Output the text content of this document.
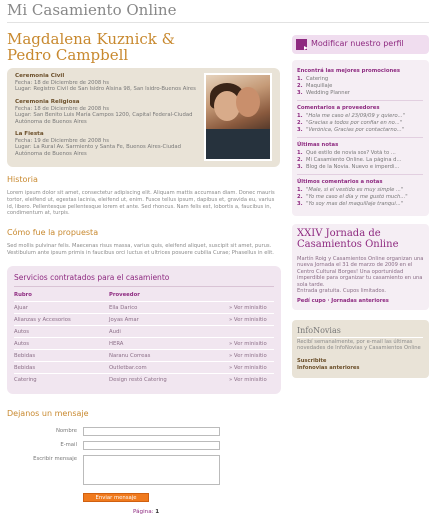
Mi Casamiento Online
Magdalena Kuznick &
Pedro Campbell
Ceremonia Civil
Fecha: 18 de Diciembre de 2008 hs
Lugar: Registro Civil de San Isidro Alsina 98, San Isidro-Buenos Aires
Ceremonia Religiosa
Fecha: 18 de Diciembre de 2008 hs
Lugar: San Benito Luis María Campos 1200, Capital Federal-Ciudad
Autónoma de Buenos Aires
La Fiesta
Fecha: 19 de Diciembre de 2008 hs
Lugar: La Rural Av. Sarmiento y Santa Fe, Buenos Aires-Ciudad
Autónoma de Buenos Aires
Historia
Lorem ipsum dolor sit amet, consectetur adipiscing elit. Aliquam mattis accumsan diam. Donec mauris tortor, eleifend ut, egestas lacinia, eleifend ut, enim. Fusce tellus ipsum, dapibus et, gravida eu, varius id, libero. Pellentesque pellentesque lorem et ante. Sed rhoncus. Nam felis est, lobortis a, faucibus in, condimentum at, turpis.
Cómo fue la propuesta
Sed mollis pulvinar felis. Maecenas risus massa, varius quis, eleifend aliquet, suscipit sit amet, purus. Vestibulum ante ipsum primis in faucibus orci luctus et ultrices posuere cubilia Curae; Phasellus in elit.
Servicios contratados para el casamiento
Rubro	Proveedor
Ajuar	Ella Darico	» Ver minisitio
Alianzas y Accesorios	Joyas Amar	» Ver minisitio
Autos	Audi
Autos	HERA	» Ver minisitio
Bebidas	Naranu Correas	» Ver minisitio
Bebidas	Outletbar.com	» Ver minisitio
Catering	Design restó Catering	» Ver minisitio
Dejanos un mensaje
Nombre
E-mail
Escribir mensaje
Enviar mensaje
Página: 1
Modificar nuestro perfil
Encontrá las mejores promociones
1. Catering
2. Maquillaje
3. Wedding Planner
Comentarios a proveedores
1. "Hola me caso el 23/09/09 y quiero..."
2. "Gracias a todos por confiar en no..."
3. "Verónica, Gracias por contactarno..."
Últimas notas
1. Qué estilo de novia sos? Votá to ...
2. Mi Casamiento Online. La página d...
3. Blog de la Novia. Nuevo e imperdi...
Últimos comentarios a notas
1. "Male, si el vestido es muy simple ..."
2. "Yo me caso el día y me gustó much..."
3. "Yo soy mas del maquillaje tranqui..."
XXIV Jornada de Casamientos Online
Martín Roig y Casamientos Online organizan una nueva Jornada el 31 de marzo de 2009 en el Centro Cultural Borges! Una oportunidad imperdible para organizar tu casamiento en una sola tarde.
Entrada gratuita. Cupos limitados.
Pedí cupo · Jornadas anteriores
InfoNovias
Recibí semanalmente, por e-mail las últimas novedades de InfoNovias y Casamientos Online
Suscribite
Infonovias anteriores
